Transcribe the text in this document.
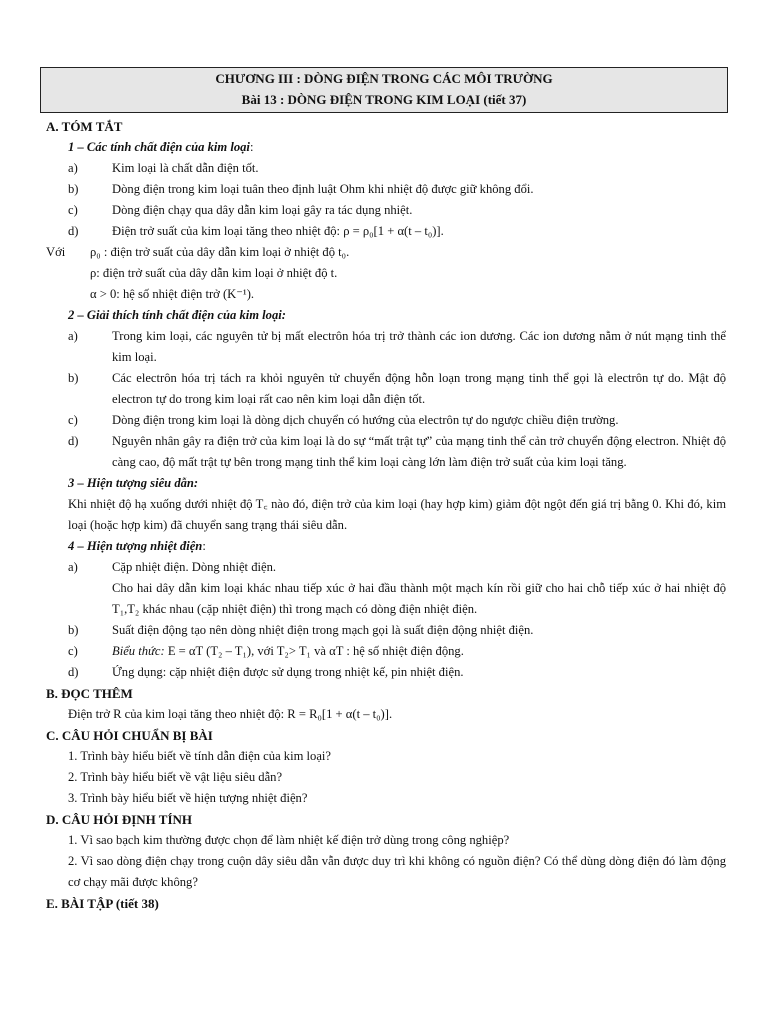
CHƯƠNG III : DÒNG ĐIỆN TRONG CÁC MÔI TRƯỜNG
Bài 13 : DÒNG ĐIỆN TRONG KIM LOẠI (tiết 37)
A. TÓM TẮT
1 – Các tính chất điện của kim loại:
a)	Kim loại là chất dẫn điện tốt.
b)	Dòng điện trong kim loại tuân theo định luật Ohm khi nhiệt độ được giữ không đổi.
c)	Dòng điện chạy qua dây dẫn kim loại gây ra tác dụng nhiệt.
d)	Điện trở suất của kim loại tăng theo nhiệt độ: ρ = ρ₀[1 + α(t – t₀)].
Với ρ₀ : điện trở suất của dây dẫn kim loại ở nhiệt độ t₀.
ρ: điện trở suất của dây dẫn kim loại ở nhiệt độ t.
α > 0: hệ số nhiệt điện trở (K⁻¹).
2 – Giải thích tính chất điện của kim loại:
a)	Trong kim loại, các nguyên tử bị mất electrôn hóa trị trở thành các ion dương. Các ion dương nằm ở nút mạng tinh thể kim loại.
b)	Các electrôn hóa trị tách ra khỏi nguyên tử chuyển động hỗn loạn trong mạng tinh thể gọi là electrôn tự do. Mật độ electron tự do trong kim loại rất cao nên kim loại dẫn điện tốt.
c)	Dòng điện trong kim loại là dòng dịch chuyển có hướng của electrôn tự do ngược chiều điện trường.
d)	Nguyên nhân gây ra điện trở của kim loại là do sự “mất trật tự” của mạng tinh thể cản trở chuyển động electron. Nhiệt độ càng cao, độ mất trật tự bên trong mạng tinh thể kim loại càng lớn làm điện trở suất của kim loại tăng.
3 – Hiện tượng siêu dẫn:
Khi nhiệt độ hạ xuống dưới nhiệt độ T꜀ nào đó, điện trở của kim loại (hay hợp kim) giảm đột ngột đến giá trị bằng 0. Khi đó, kim loại (hoặc hợp kim) đã chuyển sang trạng thái siêu dẫn.
4 – Hiện tượng nhiệt điện:
a)	Cặp nhiệt điện. Dòng nhiệt điện.
Cho hai dây dẫn kim loại khác nhau tiếp xúc ở hai đầu thành một mạch kín rồi giữ cho hai chỗ tiếp xúc ở hai nhiệt độ T₁,T₂ khác nhau (cặp nhiệt điện) thì trong mạch có dòng điện nhiệt điện.
b)	Suất điện động tạo nên dòng nhiệt điện trong mạch gọi là suất điện động nhiệt điện.
c)	Biểu thức: E = αT (T₂ – T₁), với T₂> T₁ và αT : hệ số nhiệt điện động.
d)	Ứng dụng: cặp nhiệt điện được sử dụng trong nhiệt kế, pin nhiệt điện.
B. ĐỌC THÊM
Điện trở R của kim loại tăng theo nhiệt độ: R = R₀[1 + α(t – t₀)].
C. CÂU HỎI CHUẨN BỊ BÀI
1. Trình bày hiểu biết về tính dẫn điện của kim loại?
2. Trình bày hiểu biết về vật liệu siêu dẫn?
3. Trình bày hiểu biết về hiện tượng nhiệt điện?
D. CÂU HỎI ĐỊNH TÍNH
1. Vì sao bạch kim thường được chọn để làm nhiệt kế điện trở dùng trong công nghiệp?
2. Vì sao dòng điện chạy trong cuộn dây siêu dẫn vẫn được duy trì khi không có nguồn điện? Có thể dùng dòng điện đó làm động cơ chạy mãi được không?
E. BÀI TẬP (tiết 38)
